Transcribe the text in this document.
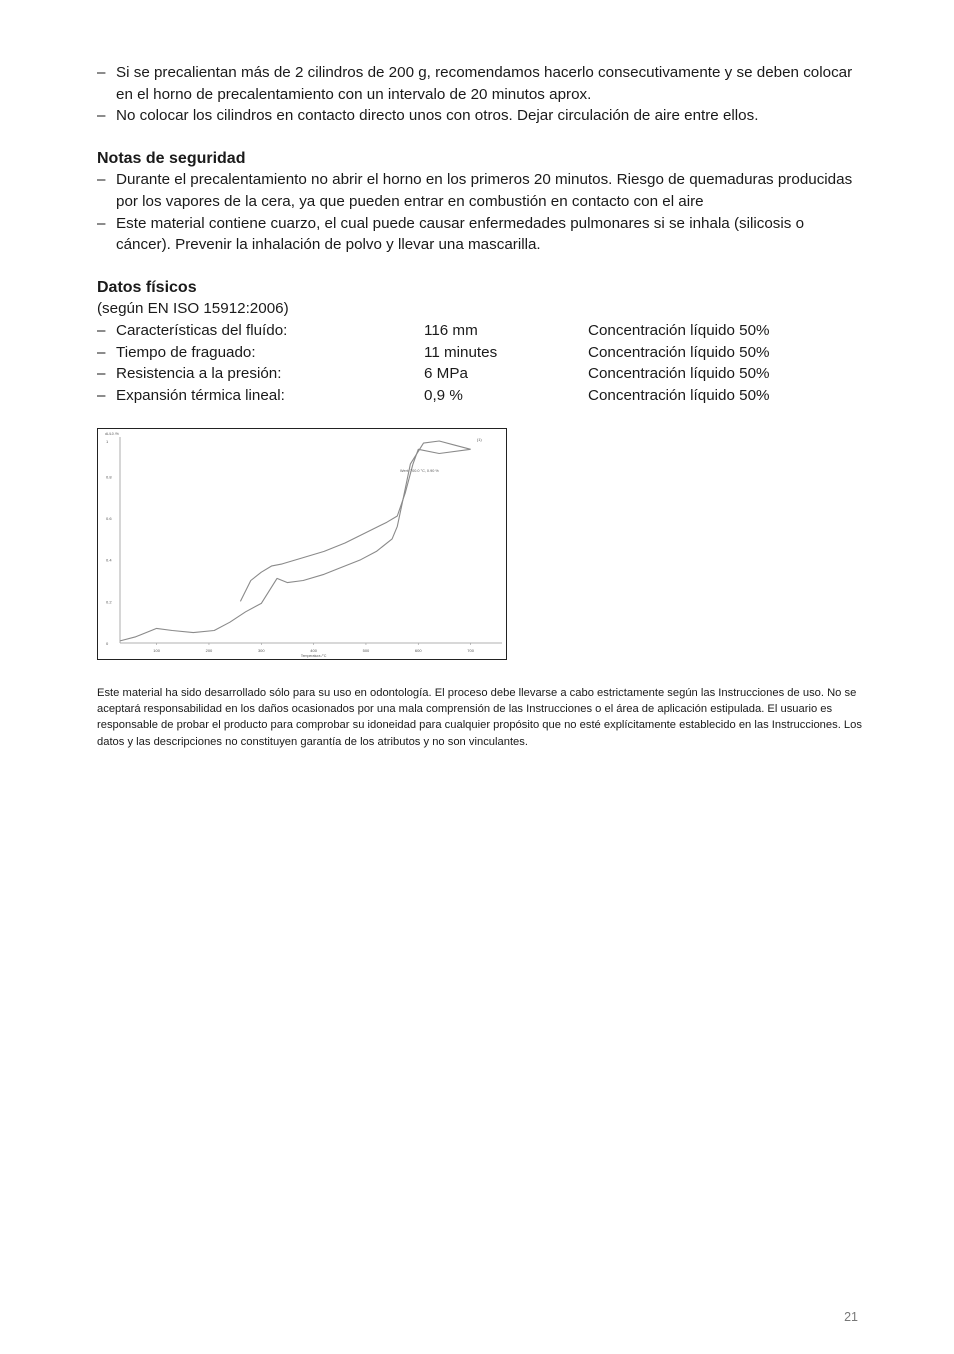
– Si se precalientan más de 2 cilindros de 200 g, recomendamos hacerlo consecutivamente y se deben colocar en el horno de precalentamiento con un intervalo de 20 minutos aprox.
– No colocar los cilindros en contacto directo unos con otros. Dejar circulación de aire entre ellos.
Notas de seguridad
– Durante el precalentamiento no abrir el horno en los primeros 20 minutos. Riesgo de quemaduras producidas por los vapores de la cera, ya que pueden entrar en combustión en contacto con el aire
– Este material contiene cuarzo, el cual puede causar enfermedades pulmonares si se inhala (silicosis o cáncer). Prevenir la inhalación de polvo y llevar una mascarilla.
Datos físicos
(según EN ISO 15912:2006)
– Características del fluído:	116 mm	Concentración líquido 50%
– Tiempo de fraguado:	11 minutes	Concentración líquido 50%
– Resistencia a la presión:	6 MPa	Concentración líquido 50%
– Expansión térmica lineal:	0,9 %	Concentración líquido 50%
1
0.8
0.6
0.4
0.2
0
dL/L0 /%
100	200	300	400	500	600	700
Temperatura /°C
Wert: 700.0 °C, 0.90 %
(1)
Este material ha sido desarrollado sólo para su uso en odontología. El proceso debe llevarse a cabo estrictamente según las Instrucciones de uso. No se aceptará responsabilidad en los daños ocasionados por una mala comprensión de las Instrucciones o el área de aplicación estipulada. El usuario es responsable de probar el producto para comprobar su idoneidad para cualquier propósito que no esté explícitamente establecido en las Instrucciones. Los datos y las descripciones no constituyen garantía de los atributos y no son vinculantes.
21
